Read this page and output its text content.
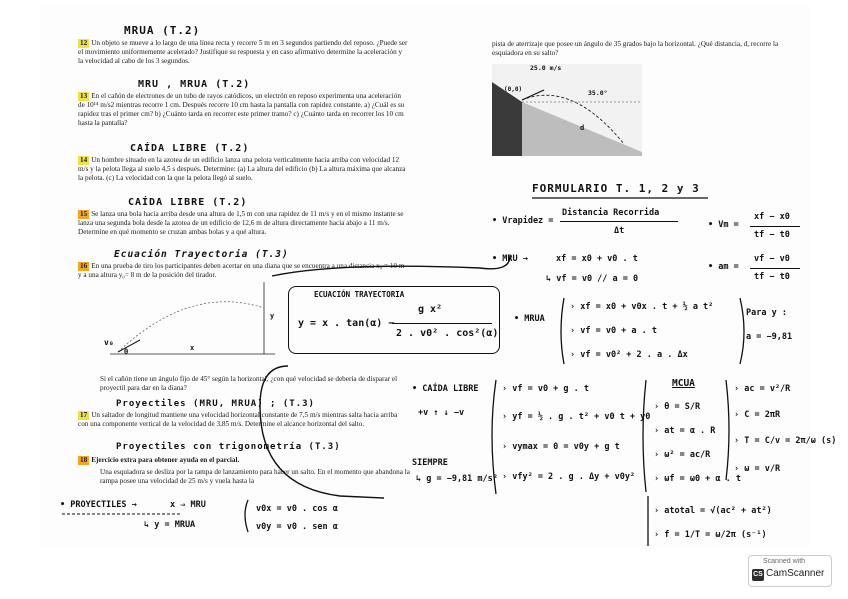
MRUA (T.2)
12 Un objeto se mueve a lo largo de una línea recta y recorre 5 m en 3 segundos partiendo del reposo. ¿Puede ser el movimiento uniformemente acelerado? Justifique su respuesta y en caso afirmativo determine la aceleración y la velocidad al cabo de los 3 segundos.
MRU , MRUA (T.2)
13 En el cañón de electrones de un tubo de rayos catódicos, un electrón en reposo experimenta una aceleración de 10¹⁴ m/s2 mientras recorre 1 cm. Después recorre 10 cm hasta la pantalla con rapidez constante. a) ¿Cuál es su rapidez tras el primer cm? b) ¿Cuánto tarda en recorrer este primer tramo? c) ¿Cuánto tarda en recorrer los 10 cm hasta la pantalla?
CAÍDA LIBRE (T.2)
14 Un hombre situado en la azotea de un edificio lanza una pelota verticalmente hacia arriba con velocidad 12 m/s y la pelota llega al suelo 4,5 s después. Determine: (a) La altura del edificio (b) La altura máxima que alcanza la pelota. (c) La velocidad con la que la pelota llegó al suelo.
CAÍDA LIBRE (T.2)
15 Se lanza una bola hacia arriba desde una altura de 1,5 m con una rapidez de 11 m/s y en el mismo instante se lanza una segunda bola desde la azotea de un edificio de 12,6 m de altura directamente hacia abajo a 11 m/s. Determine en qué momento se cruzan ambas bolas y a qué altura.
Ecuación Trayectoria (T.3)
16 En una prueba de tiro los participantes deben acertar en una diana que se encuentra a una distancia x₀ = 10 m y a una altura y₀= 8 m de la posición del tirador.
v₀
θ	x
y
Si el cañón tiene un ángulo fijo de 45° según la horizontal, ¿con qué velocidad se debería de disparar el proyectil para dar en la diana?
Proyectiles (MRU, MRUA) ; (T.3)
17 Un saltador de longitud mantiene una velocidad horizontal constante de 7,5 m/s mientras salta hacia arriba con una componente vertical de la velocidad de 3,85 m/s. Determine el alcance horizontal del salto.
Proyectiles con trigonometría (T.3)
18 Ejercicio extra para obtener ayuda en el parcial.
Una esquiadora se desliza por la rampa de lanzamiento para hacer un salto. En el momento que abandona la rampa posee una velocidad de 25 m/s y vuela hasta la
pista de aterrizaje que posee un ángulo de 35 grados bajo la horizontal. ¿Qué distancia, d, recorre la esquiadora en su salto?
25.0 m/s
35.0°
(0,0)
d
FORMULARIO T. 1, 2 y 3
• Vrapidez =
Distancia Recorrida
Δt
• Vm =
xf − x0
tf − t0
• MRU →	xf = x0 + v0 . t
↳ vf = v0 // a = 0
• am =
vf − v0
tf − t0
ECUACIÓN TRAYECTORIA
y = x . tan(α) −
g x²
2 . v0² . cos²(α)
• MRUA
› xf = x0 + v0x . t + ½ a t²
› vf = v0 + a . t
› vf = v0² + 2 . a . Δx
Para y :
a = −9,81
• CAÍDA LIBRE
+v ↑ ↓ −v
› vf = v0 + g . t
› yf = ½ . g . t² + v0 t + y0
› vymax = 0 = v0y + g t
› vfy² = 2 . g . Δy + v0y²
SIEMPRE
↳ g = −9,81 m/s²
MCUA
› θ = S/R
› at = α . R
› ω² = ac/R
› ωf = ω0 + α . t
› ac = v²/R
› C = 2πR
› T = C/v = 2π/ω (s)
› ω = v/R
› atotal = √(ac² + at²)
› f = 1/T = ω/2π (s⁻¹)
• PROYECTILES →	x ⇒ MRU
↳ y = MRUA
v0x = v0 . cos α
v0y = v0 . sen α
Scanned with
CS CamScanner
